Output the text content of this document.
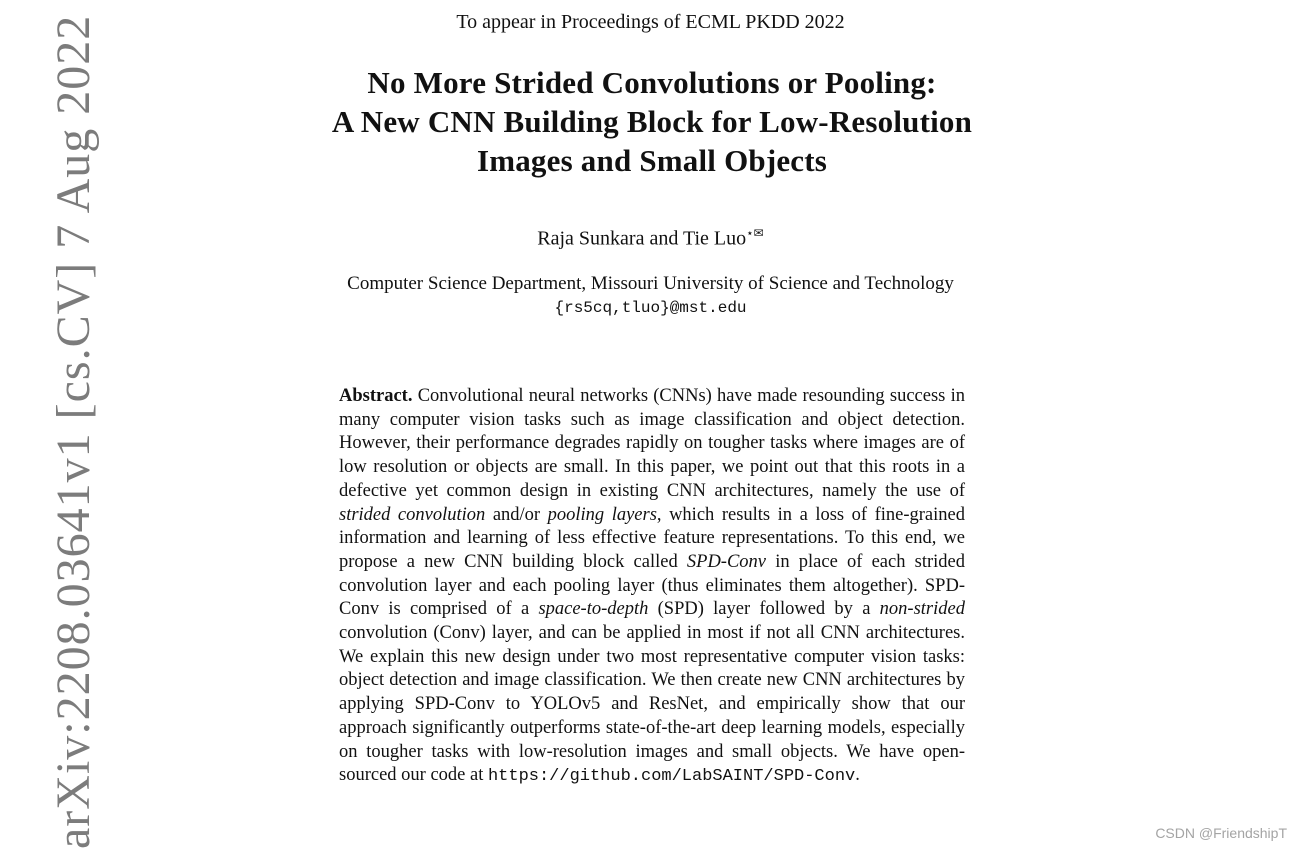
arXiv:2208.03641v1 [cs.CV] 7 Aug 2022	To appear in Proceedings of ECML PKDD 2022
No More Strided Convolutions or Pooling:
A New CNN Building Block for Low-Resolution
Images and Small Objects
Raja Sunkara and Tie Luo⋆✉
Computer Science Department, Missouri University of Science and Technology
{rs5cq,tluo}@mst.edu
Abstract. Convolutional neural networks (CNNs) have made resounding success in many computer vision tasks such as image classification and object detection. However, their performance degrades rapidly on tougher tasks where images are of low resolution or objects are small. In this paper, we point out that this roots in a defective yet common design in existing CNN architectures, namely the use of strided convolution and/or pooling layers, which results in a loss of fine-grained information and learning of less effective feature representations. To this end, we propose a new CNN building block called SPD-Conv in place of each strided convolution layer and each pooling layer (thus eliminates them altogether). SPD-Conv is comprised of a space-to-depth (SPD) layer followed by a non-strided convolution (Conv) layer, and can be applied in most if not all CNN architectures. We explain this new design under two most representative computer vision tasks: object detection and image classification. We then create new CNN architectures by applying SPD-Conv to YOLOv5 and ResNet, and empirically show that our approach significantly outperforms state-of-the-art deep learning models, especially on tougher tasks with low-resolution images and small objects. We have open-sourced our code at https://github.com/LabSAINT/SPD-Conv.
CSDN @FriendshipT
